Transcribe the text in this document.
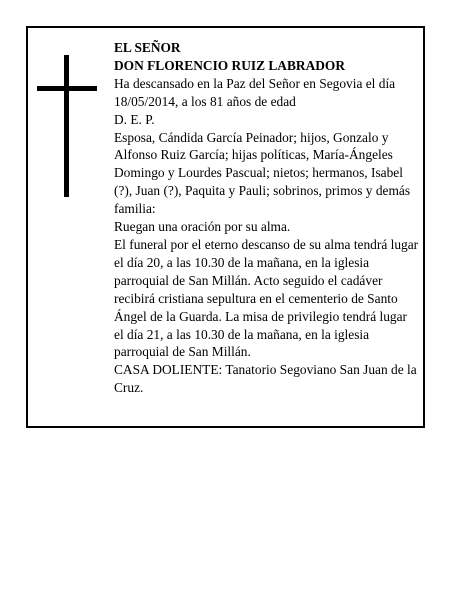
EL SEÑOR

DON FLORENCIO RUIZ LABRADOR

Ha descansado en la Paz del Señor en Segovia el día 18/05/2014, a los 81 años de edad

D. E. P.

Esposa, Cándida García Peinador; hijos, Gonzalo y Alfonso Ruiz García; hijas políticas, María-Ángeles Domingo y Lourdes Pascual; nietos; hermanos, Isabel (?), Juan (?), Paquita y Pauli; sobrinos, primos y demás familia:

Ruegan una oración por su alma.

El funeral por el eterno descanso de su alma tendrá lugar el día 20, a las 10.30 de la mañana, en la iglesia parroquial de San Millán. Acto seguido el cadáver recibirá cristiana sepultura en el cementerio de Santo Ángel de la Guarda. La misa de privilegio tendrá lugar el día 21, a las 10.30 de la mañana, en la iglesia parroquial de San Millán.

CASA DOLIENTE: Tanatorio Segoviano San Juan de la Cruz.
